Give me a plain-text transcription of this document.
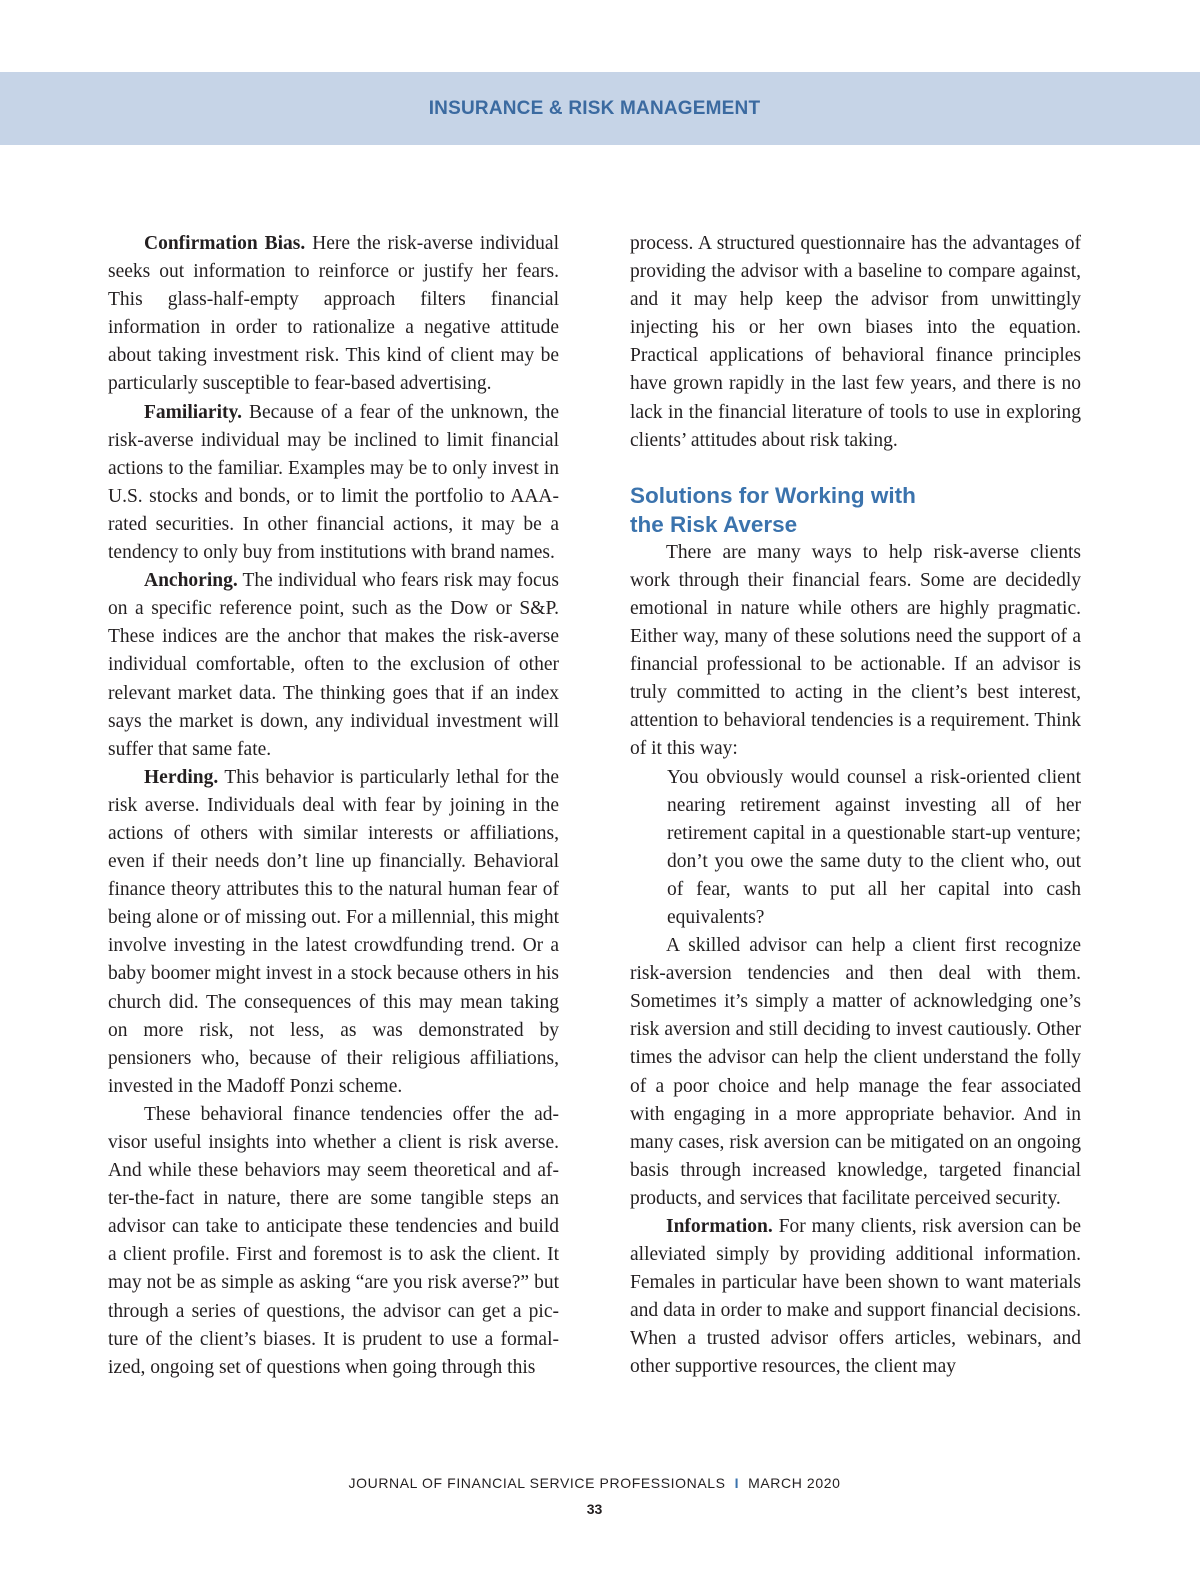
INSURANCE & RISK MANAGEMENT

Confirmation Bias. Here the risk-averse individual seeks out information to reinforce or justify her fears. This glass-half-empty approach filters financial information in order to rationalize a negative attitude about taking investment risk. This kind of client may be particularly susceptible to fear-based advertising.

Familiarity. Because of a fear of the unknown, the risk-averse individual may be inclined to limit financial actions to the familiar. Examples may be to only invest in U.S. stocks and bonds, or to limit the portfolio to AAA-rated securities. In other financial actions, it may be a tendency to only buy from institutions with brand names.

Anchoring. The individual who fears risk may focus on a specific reference point, such as the Dow or S&P. These indices are the anchor that makes the risk-averse individual comfortable, often to the exclusion of other relevant market data. The thinking goes that if an index says the market is down, any individual investment will suffer that same fate.

Herding. This behavior is particularly lethal for the risk averse. Individuals deal with fear by joining in the actions of others with similar interests or affiliations, even if their needs don’t line up financially. Behavioral finance theory attributes this to the natural human fear of being alone or of missing out. For a millennial, this might involve investing in the latest crowdfunding trend. Or a baby boomer might invest in a stock because others in his church did. The consequences of this may mean taking on more risk, not less, as was demonstrated by pensioners who, because of their religious affiliations, invested in the Madoff Ponzi scheme.

These behavioral finance tendencies offer the advisor useful insights into whether a client is risk averse. And while these behaviors may seem theoretical and after-the-fact in nature, there are some tangible steps an advisor can take to anticipate these tendencies and build a client profile. First and foremost is to ask the client. It may not be as simple as asking “are you risk averse?” but through a series of questions, the advisor can get a picture of the client’s biases. It is prudent to use a formalized, ongoing set of questions when going through this

process. A structured questionnaire has the advantages of providing the advisor with a baseline to compare against, and it may help keep the advisor from unwittingly injecting his or her own biases into the equation. Practical applications of behavioral finance principles have grown rapidly in the last few years, and there is no lack in the financial literature of tools to use in exploring clients’ attitudes about risk taking.

Solutions for Working with
the Risk Averse

There are many ways to help risk-averse clients work through their financial fears. Some are decidedly emotional in nature while others are highly pragmatic. Either way, many of these solutions need the support of a financial professional to be actionable. If an advisor is truly committed to acting in the client’s best interest, attention to behavioral tendencies is a requirement. Think of it this way:

You obviously would counsel a risk-oriented client nearing retirement against investing all of her retirement capital in a questionable start-up venture; don’t you owe the same duty to the client who, out of fear, wants to put all her capital into cash equivalents?

A skilled advisor can help a client first recognize risk-aversion tendencies and then deal with them. Sometimes it’s simply a matter of acknowledging one’s risk aversion and still deciding to invest cautiously. Other times the advisor can help the client understand the folly of a poor choice and help manage the fear associated with engaging in a more appropriate behavior. And in many cases, risk aversion can be mitigated on an ongoing basis through increased knowledge, targeted financial products, and services that facilitate perceived security.

Information. For many clients, risk aversion can be alleviated simply by providing additional information. Females in particular have been shown to want materials and data in order to make and support financial decisions. When a trusted advisor offers articles, webinars, and other supportive resources, the client may

JOURNAL OF FINANCIAL SERVICE PROFESSIONALS I MARCH 2020
33
